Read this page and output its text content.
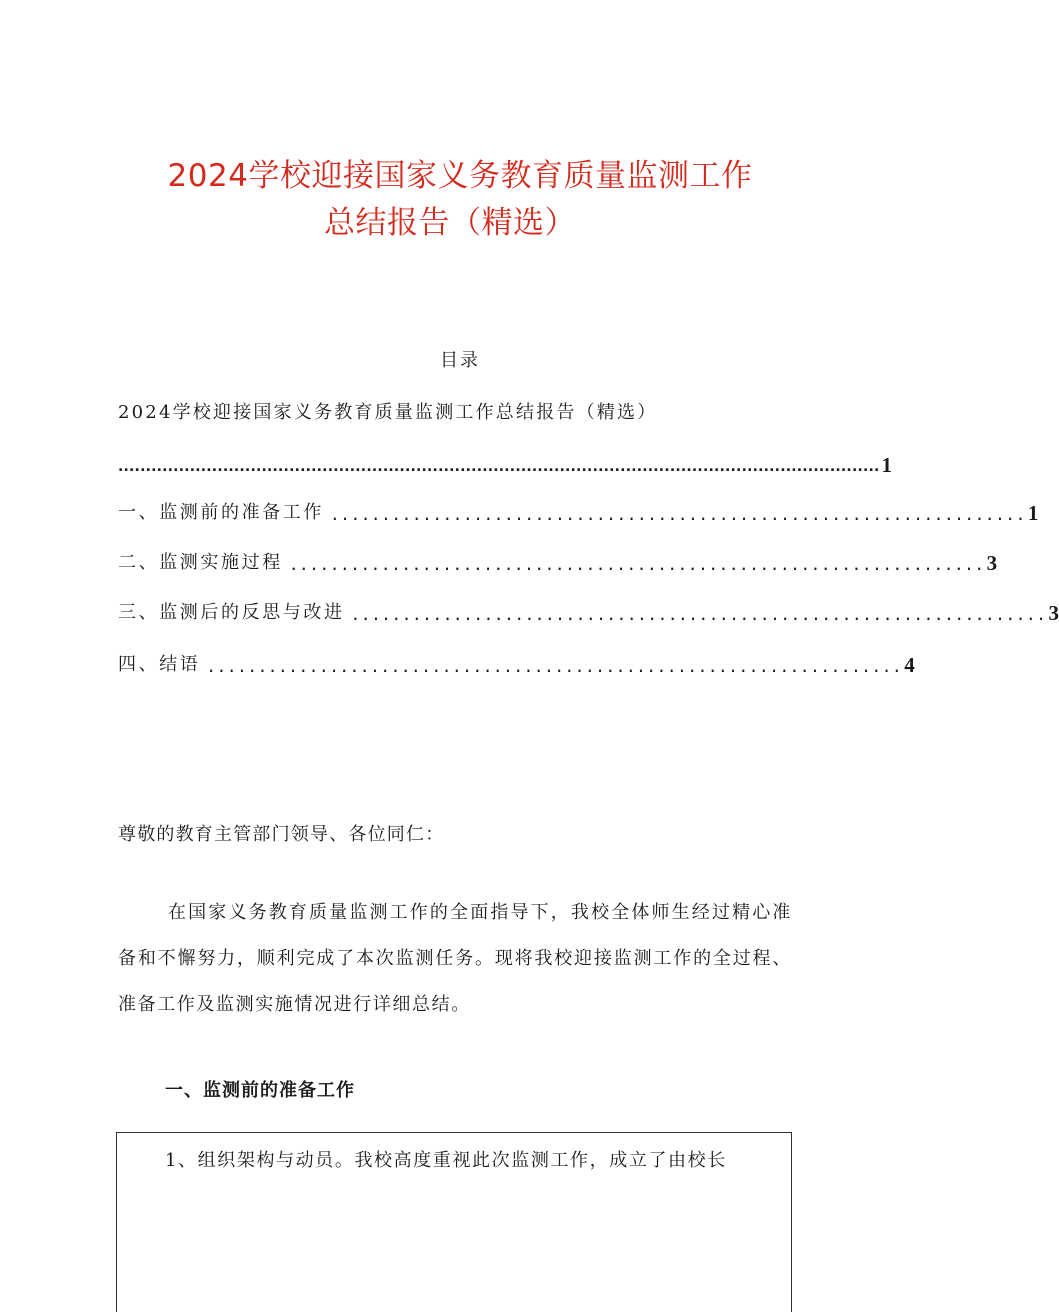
2024学校迎接国家义务教育质量监测工作
总结报告（精选）
目录
2024学校迎接国家义务教育质量监测工作总结报告（精选）
.......................................................................................................................................... 1
一、监测前的准备工作 .................................................................... 1
二、监测实施过程 .................................................................... 3
三、监测后的反思与改进 .................................................................... 3
四、结语 .................................................................... 4
尊敬的教育主管部门领导、各位同仁：
在国家义务教育质量监测工作的全面指导下，我校全体师生经过精心准备和不懈努力，顺利完成了本次监测任务。现将我校迎接监测工作的全过程、准备工作及监测实施情况进行详细总结。
一、监测前的准备工作
1、组织架构与动员。我校高度重视此次监测工作，成立了由校长
